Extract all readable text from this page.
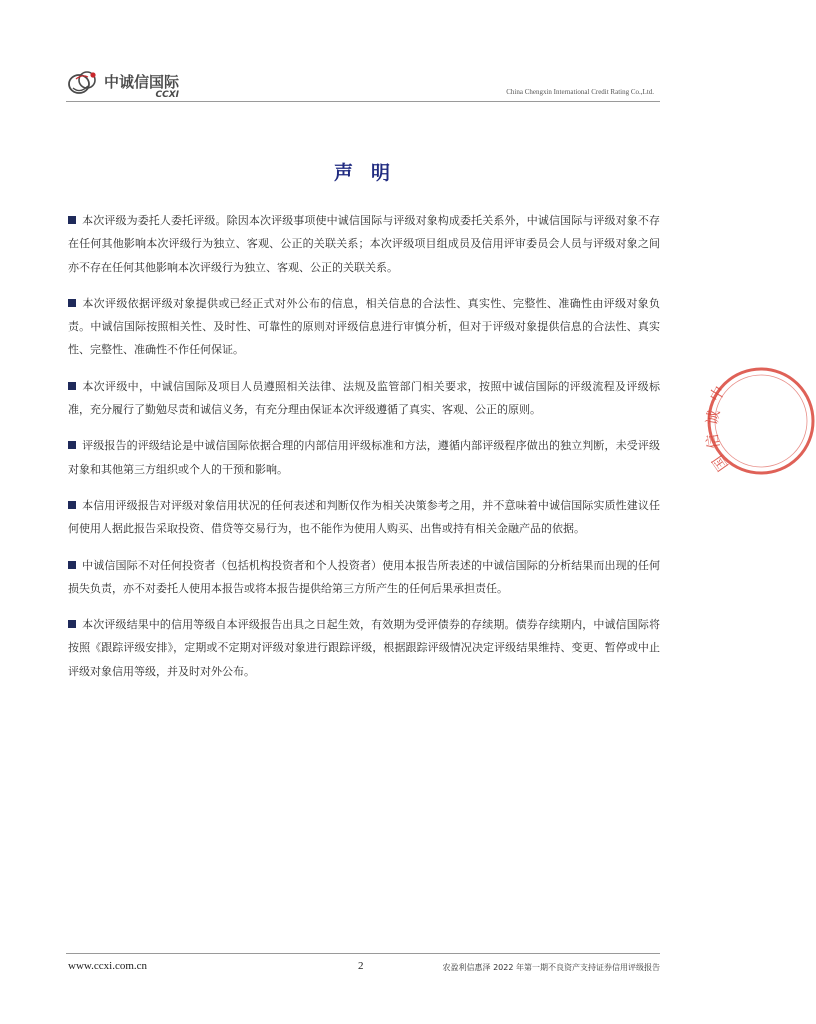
中诚信国际
CCXI	China Chengxin International Credit Rating Co.,Ltd.
声明

本次评级为委托人委托评级。除因本次评级事项使中诚信国际与评级对象构成委托关系外，中诚信国际与评级对象不存在任何其他影响本次评级行为独立、客观、公正的关联关系；本次评级项目组成员及信用评审委员会人员与评级对象之间亦不存在任何其他影响本次评级行为独立、客观、公正的关联关系。

本次评级依据评级对象提供或已经正式对外公布的信息，相关信息的合法性、真实性、完整性、准确性由评级对象负责。中诚信国际按照相关性、及时性、可靠性的原则对评级信息进行审慎分析，但对于评级对象提供信息的合法性、真实性、完整性、准确性不作任何保证。

本次评级中，中诚信国际及项目人员遵照相关法律、法规及监管部门相关要求，按照中诚信国际的评级流程及评级标准，充分履行了勤勉尽责和诚信义务，有充分理由保证本次评级遵循了真实、客观、公正的原则。

评级报告的评级结论是中诚信国际依据合理的内部信用评级标准和方法，遵循内部评级程序做出的独立判断，未受评级对象和其他第三方组织或个人的干预和影响。

本信用评级报告对评级对象信用状况的任何表述和判断仅作为相关决策参考之用，并不意味着中诚信国际实质性建议任何使用人据此报告采取投资、借贷等交易行为，也不能作为使用人购买、出售或持有相关金融产品的依据。

中诚信国际不对任何投资者（包括机构投资者和个人投资者）使用本报告所表述的中诚信国际的分析结果而出现的任何损失负责，亦不对委托人使用本报告或将本报告提供给第三方所产生的任何后果承担责任。

本次评级结果中的信用等级自本评级报告出具之日起生效，有效期为受评债券的存续期。债券存续期内，中诚信国际将按照《跟踪评级安排》，定期或不定期对评级对象进行跟踪评级，根据跟踪评级情况决定评级结果维持、变更、暂停或中止评级对象信用等级，并及时对外公布。

中
诚
信
国
www.ccxi.com.cn	2	农盈利信惠泽 2022 年第一期不良资产支持证券信用评级报告
